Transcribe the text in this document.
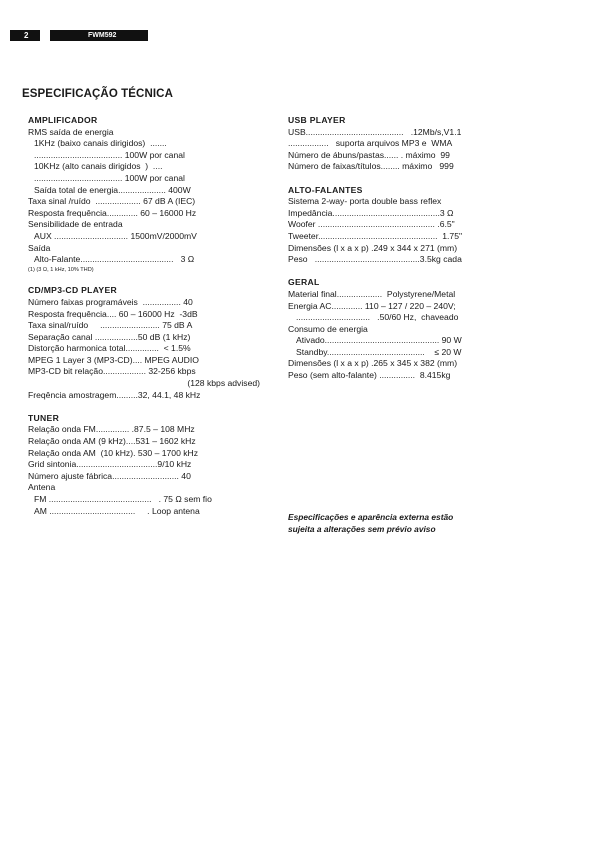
2	FWM592
ESPECIFICAÇÃO TÉCNICA
AMPLIFICADOR
RMS saída de energia
1KHz (baixo canais dirigidos)  .......
..................................... 100W por canal
10KHz (alto canais dirigidos  )  ....
..................................... 100W por canal
Saída total de energia.................... 400W
Taxa sinal /ruído  ................... 67 dB A (IEC)
Resposta frequência............. 60 – 16000 Hz
Sensibilidade de entrada
AUX ............................... 1500mV/2000mV
Saída
Alto-Falante.......................................   3 Ω
(1) (3 Ω, 1 kHz, 10% THD)
CD/MP3-CD PLAYER
Número faixas programáveis  ................ 40
Resposta frequência.... 60 – 16000 Hz  -3dB
Taxa sinal/ruído     ......................... 75 dB A
Separação canal ..................50 dB (1 kHz)
Distorção harmonica total..............  < 1.5%
MPEG 1 Layer 3 (MP3-CD).... MPEG AUDIO
MP3-CD bit relação.................. 32-256 kbps
(128 kbps advised)
Freqência amostragem.........32, 44.1, 48 kHz
TUNER
Relação onda FM.............. .87.5 – 108 MHz
Relação onda AM (9 kHz)....531 – 1602 kHz
Relação onda AM  (10 kHz). 530 – 1700 kHz
Grid sintonia..................................9/10 kHz
Número ajuste fábrica............................ 40
Antena
FM ...........................................   . 75 Ω sem fio
AM ....................................     . Loop antena
USB PLAYER
USB.........................................   .12Mb/s,V1.1
.................   suporta arquivos MP3 e  WMA
Número de ábuns/pastas...... . máximo  99
Número de faixas/títulos........ máximo   999
ALTO-FALANTES
Sistema 2-way- porta double bass reflex
Impedância.............................................3 Ω
Woofer ................................................. .6.5"
Tweeter..................................................  1.75"
Dimensões (l x a x p) .249 x 344 x 271 (mm)
Peso   ............................................3.5kg cada
GERAL
Material final...................  Polystyrene/Metal
Energia AC............. 110 – 127 / 220 – 240V;
...............................   .50/60 Hz,  chaveado
Consumo de energia
Ativado................................................ 90 W
Standby.........................................    ≤ 20 W
Dimensões (l x a x p) .265 x 345 x 382 (mm)
Peso (sem alto-falante) ...............  8.415kg
Especificações e aparência externa estão
sujeita a alterações sem prévio aviso
